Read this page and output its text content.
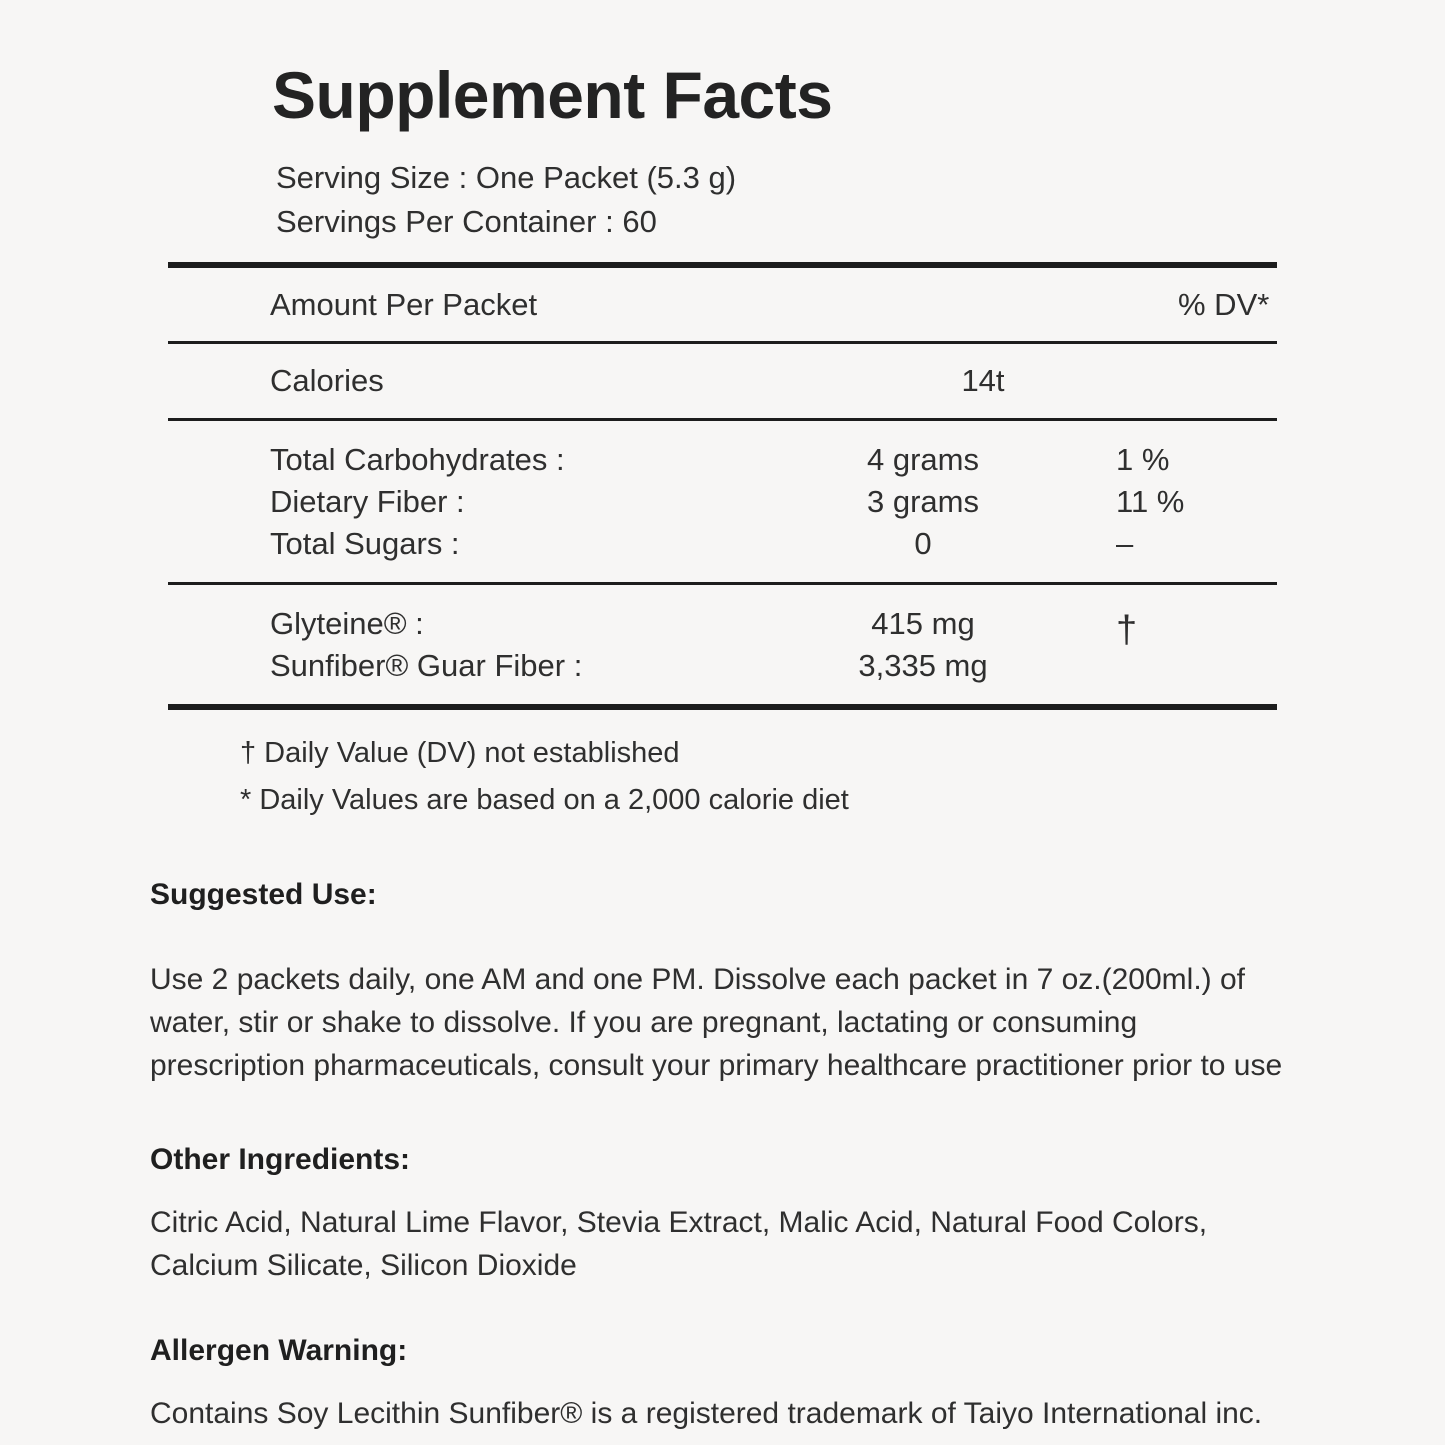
Supplement Facts
Serving Size : One Packet (5.3 g)
Servings Per Container : 60
Amount Per Packet	% DV*
Calories	14t
Total Carbohydrates :
Dietary Fiber :
Total Sugars :
4 grams
3 grams
0
1 %
11 %
–
Glyteine® :
Sunfiber® Guar Fiber :
415 mg
3,335 mg
†
† Daily Value (DV) not established
* Daily Values are based on a 2,000 calorie diet
Suggested Use:

Use 2 packets daily, one AM and one PM. Dissolve each packet in 7 oz.(200ml.) of water, stir or shake to dissolve. If you are pregnant, lactating or consuming prescription pharmaceuticals, consult your primary healthcare practitioner prior to use

Other Ingredients:

Citric Acid, Natural Lime Flavor, Stevia Extract, Malic Acid, Natural Food Colors, Calcium Silicate, Silicon Dioxide

Allergen Warning:

Contains Soy Lecithin Sunfiber® is a registered trademark of Taiyo International inc.
